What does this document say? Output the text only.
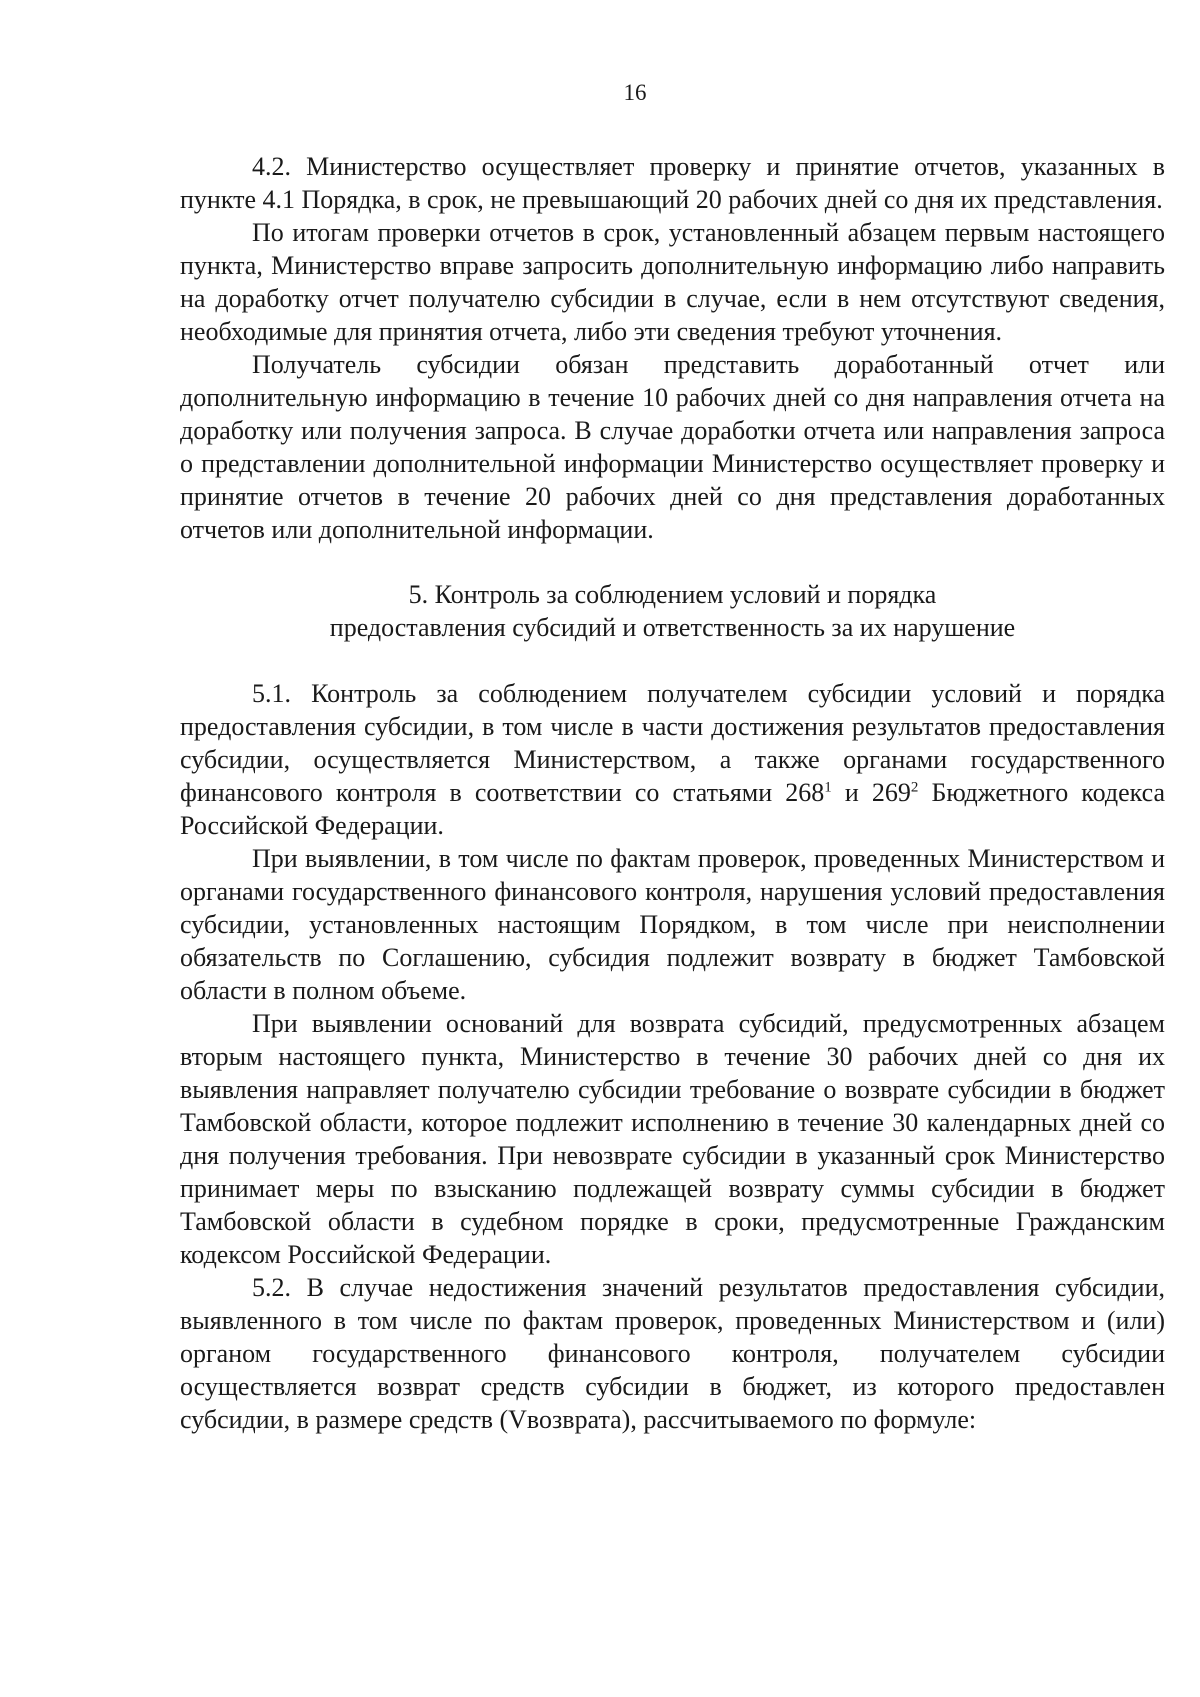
16

4.2. Министерство осуществляет проверку и принятие отчетов, указанных в пункте 4.1 Порядка, в срок, не превышающий 20 рабочих дней со дня их представления.

По итогам проверки отчетов в срок, установленный абзацем первым настоящего пункта, Министерство вправе запросить дополнительную информацию либо направить на доработку отчет получателю субсидии в случае, если в нем отсутствуют сведения, необходимые для принятия отчета, либо эти сведения требуют уточнения.

Получатель субсидии обязан представить доработанный отчет или дополнительную информацию в течение 10 рабочих дней со дня направления отчета на доработку или получения запроса. В случае доработки отчета или направления запроса о представлении дополнительной информации Министерство осуществляет проверку и принятие отчетов в течение 20 рабочих дней со дня представления доработанных отчетов или дополнительной информации.

5. Контроль за соблюдением условий и порядка
предоставления субсидий и ответственность за их нарушение

5.1. Контроль за соблюдением получателем субсидии условий и порядка предоставления субсидии, в том числе в части достижения результатов предоставления субсидии, осуществляется Министерством, а также органами государственного финансового контроля в соответствии со статьями $268^1$ и $269^2$ Бюджетного кодекса Российской Федерации.

При выявлении, в том числе по фактам проверок, проведенных Министерством и органами государственного финансового контроля, нарушения условий предоставления субсидии, установленных настоящим Порядком, в том числе при неисполнении обязательств по Соглашению, субсидия подлежит возврату в бюджет Тамбовской области в полном объеме.

При выявлении оснований для возврата субсидий, предусмотренных абзацем вторым настоящего пункта, Министерство в течение 30 рабочих дней со дня их выявления направляет получателю субсидии требование о возврате субсидии в бюджет Тамбовской области, которое подлежит исполнению в течение 30 календарных дней со дня получения требования. При невозврате субсидии в указанный срок Министерство принимает меры по взысканию подлежащей возврату суммы субсидии в бюджет Тамбовской области в судебном порядке в сроки, предусмотренные Гражданским кодексом Российской Федерации.

5.2. В случае недостижения значений результатов предоставления субсидии, выявленного в том числе по фактам проверок, проведенных Министерством и (или) органом государственного финансового контроля, получателем субсидии осуществляется возврат средств субсидии в бюджет, из которого предоставлен субсидии, в размере средств (Vвозврата), рассчитываемого по формуле:
